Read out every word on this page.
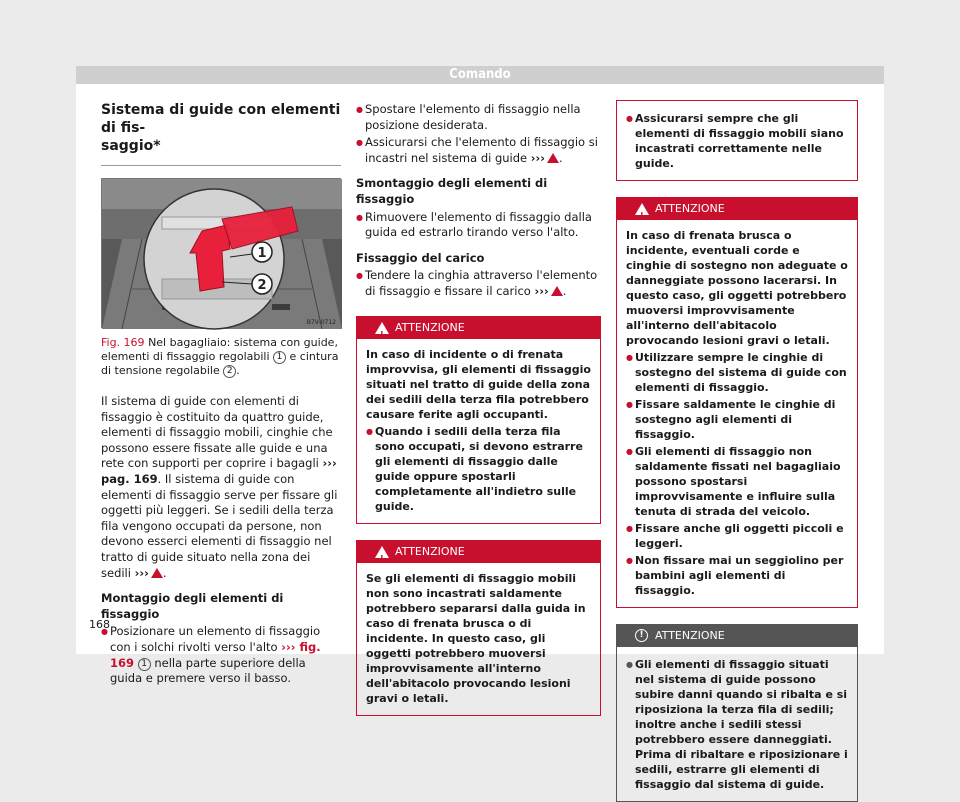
Comando
Sistema di guide con elementi di fis-
saggio*
1
2
B7V-0712
Fig. 169 Nel bagagliaio: sistema con guide, elementi di fissaggio regolabili 1 e cintura di tensione regolabile 2 .

Il sistema di guide con elementi di fissaggio è costituito da quattro guide, elementi di fissaggio mobili, cinghie che possono essere fissate alle guide e una rete con supporti per coprire i bagagli ››› pag. 169. Il sistema di guide con elementi di fissaggio serve per fissare gli oggetti più leggeri. Se i sedili della terza fila vengono occupati da persone, non devono esserci elementi di fissaggio nel tratto di guide situato nella zona dei sedili ››› .

Montaggio degli elementi di fissaggio
● Posizionare un elemento di fissaggio con i solchi rivolti verso l'alto ››› fig. 169 1 nella parte superiore della guida e premere verso il basso.
● Spostare l'elemento di fissaggio nella posizione desiderata.
● Assicurarsi che l'elemento di fissaggio si incastri nel sistema di guide ››› .
Smontaggio degli elementi di fissaggio
● Rimuovere l'elemento di fissaggio dalla guida ed estrarlo tirando verso l'alto.
Fissaggio del carico
● Tendere la cinghia attraverso l'elemento di fissaggio e fissare il carico ››› .
!
ATTENZIONE

In caso di incidente o di frenata improvvisa, gli elementi di fissaggio situati nel tratto di guide della zona dei sedili della terza fila potrebbero causare ferite agli occupanti.

● Quando i sedili della terza fila sono occupati, si devono estrarre gli elementi di fissaggio dalle guide oppure spostarli completamente all'indietro sulle guide.
!
ATTENZIONE

Se gli elementi di fissaggio mobili non sono incastrati saldamente potrebbero separarsi dalla guida in caso di frenata brusca o di incidente. In questo caso, gli oggetti potrebbero muoversi improvvisamente all'interno dell'abitacolo provocando lesioni gravi o letali.

● Assicurarsi sempre che gli elementi di fissaggio mobili siano incastrati correttamente nelle guide.
!
ATTENZIONE

In caso di frenata brusca o incidente, eventuali corde e cinghie di sostegno non adeguate o danneggiate possono lacerarsi. In questo caso, gli oggetti potrebbero muoversi improvvisamente all'interno dell'abitacolo provocando lesioni gravi o letali.

● Utilizzare sempre le cinghie di sostegno del sistema di guide con elementi di fissaggio.
● Fissare saldamente le cinghie di sostegno agli elementi di fissaggio.
● Gli elementi di fissaggio non saldamente fissati nel bagagliaio possono spostarsi improvvisamente e influire sulla tenuta di strada del veicolo.
● Fissare anche gli oggetti piccoli e leggeri.
● Non fissare mai un seggiolino per bambini agli elementi di fissaggio.
!	ATTENZIONE
● Gli elementi di fissaggio situati nel sistema di guide possono subire danni quando si ribalta e si riposiziona la terza fila di sedili; inoltre anche i sedili stessi potrebbero essere danneggiati. Prima di ribaltare e riposizionare i sedili, estrarre gli elementi di fissaggio dal sistema di guide.
168
